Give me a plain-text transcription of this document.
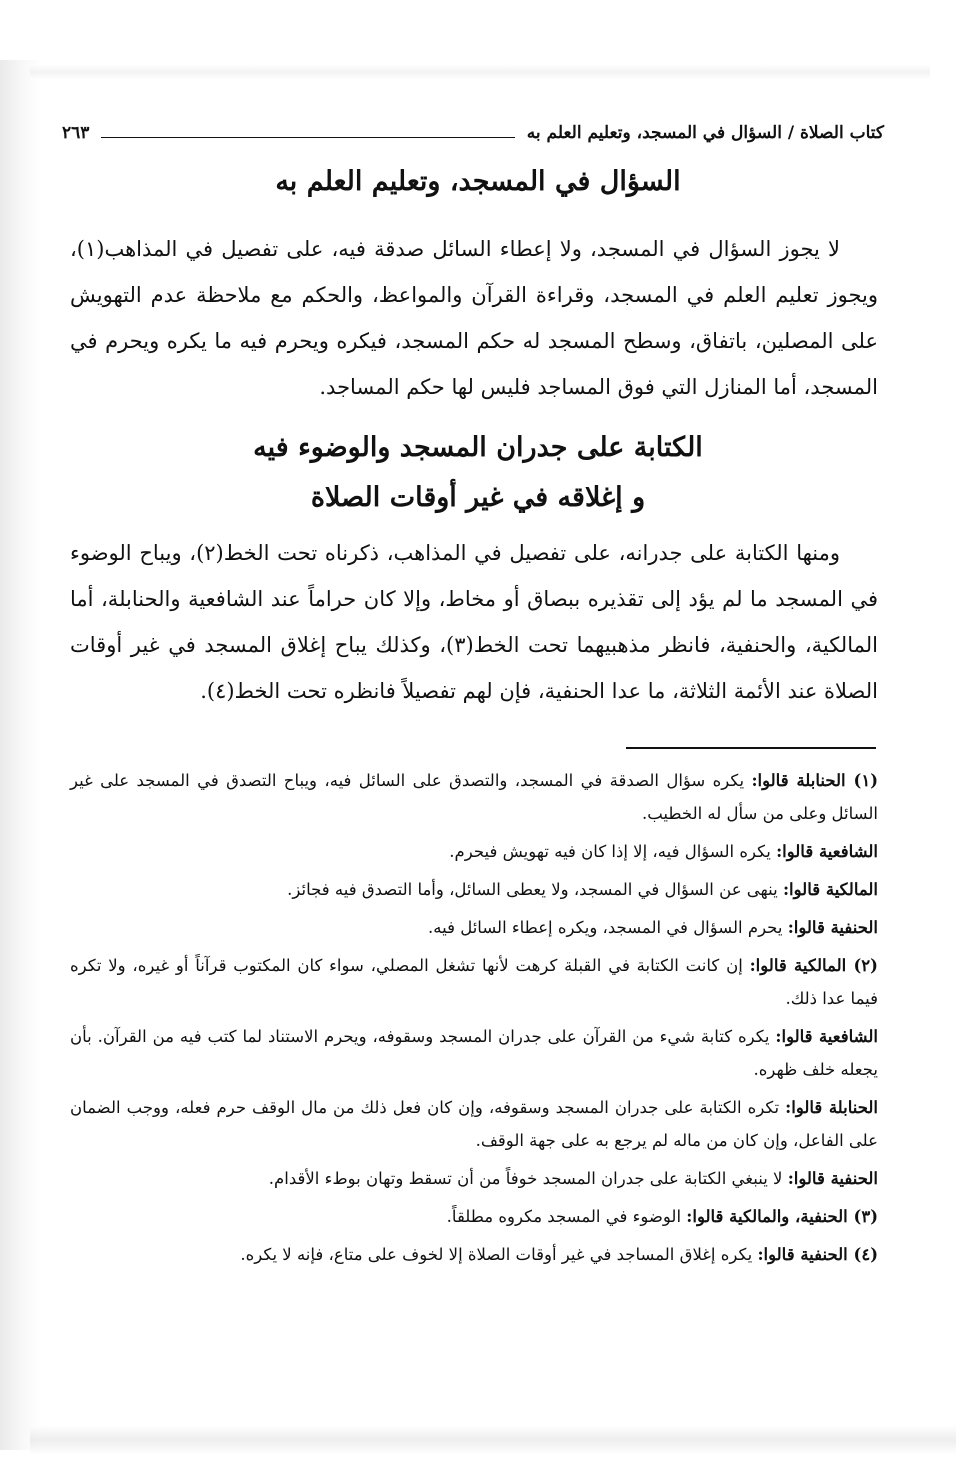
كتاب الصلاة / السؤال في المسجد، وتعليم العلم به
٢٦٣
السؤال في المسجد، وتعليم العلم به

لا يجوز السؤال في المسجد، ولا إعطاء السائل صدقة فيه، على تفصيل في المذاهب(١)، ويجوز تعليم العلم في المسجد، وقراءة القرآن والمواعظ، والحكم مع ملاحظة عدم التهويش على المصلين، باتفاق، وسطح المسجد له حكم المسجد، فيكره ويحرم فيه ما يكره ويحرم في المسجد، أما المنازل التي فوق المساجد فليس لها حكم المساجد.

الكتابة على جدران المسجد والوضوء فيه
و إغلاقه في غير أوقات الصلاة

ومنها الكتابة على جدرانه، على تفصيل في المذاهب، ذكرناه تحت الخط(٢)، ويباح الوضوء في المسجد ما لم يؤد إلى تقذيره ببصاق أو مخاط، وإلا كان حراماً عند الشافعية والحنابلة، أما المالكية، والحنفية، فانظر مذهبيهما تحت الخط(٣)، وكذلك يباح إغلاق المسجد في غير أوقات الصلاة عند الأئمة الثلاثة، ما عدا الحنفية، فإن لهم تفصيلاً فانظره تحت الخط(٤).

(١) الحنابلة قالوا: يكره سؤال الصدقة في المسجد، والتصدق على السائل فيه، ويباح التصدق في المسجد على غير السائل وعلى من سأل له الخطيب.

الشافعية قالوا: يكره السؤال فيه، إلا إذا كان فيه تهويش فيحرم.

المالكية قالوا: ينهى عن السؤال في المسجد، ولا يعطى السائل، وأما التصدق فيه فجائز.

الحنفية قالوا: يحرم السؤال في المسجد، ويكره إعطاء السائل فيه.

(٢) المالكية قالوا: إن كانت الكتابة في القبلة كرهت لأنها تشغل المصلي، سواء كان المكتوب قرآناً أو غيره، ولا تكره فيما عدا ذلك.

الشافعية قالوا: يكره كتابة شيء من القرآن على جدران المسجد وسقوفه، ويحرم الاستناد لما كتب فيه من القرآن. بأن يجعله خلف ظهره.

الحنابلة قالوا: تكره الكتابة على جدران المسجد وسقوفه، وإن كان فعل ذلك من مال الوقف حرم فعله، ووجب الضمان على الفاعل، وإن كان من ماله لم يرجع به على جهة الوقف.

الحنفية قالوا: لا ينبغي الكتابة على جدران المسجد خوفاً من أن تسقط وتهان بوطء الأقدام.

(٣) الحنفية، والمالكية قالوا: الوضوء في المسجد مكروه مطلقاً.

(٤) الحنفية قالوا: يكره إغلاق المساجد في غير أوقات الصلاة إلا لخوف على متاع، فإنه لا يكره.
